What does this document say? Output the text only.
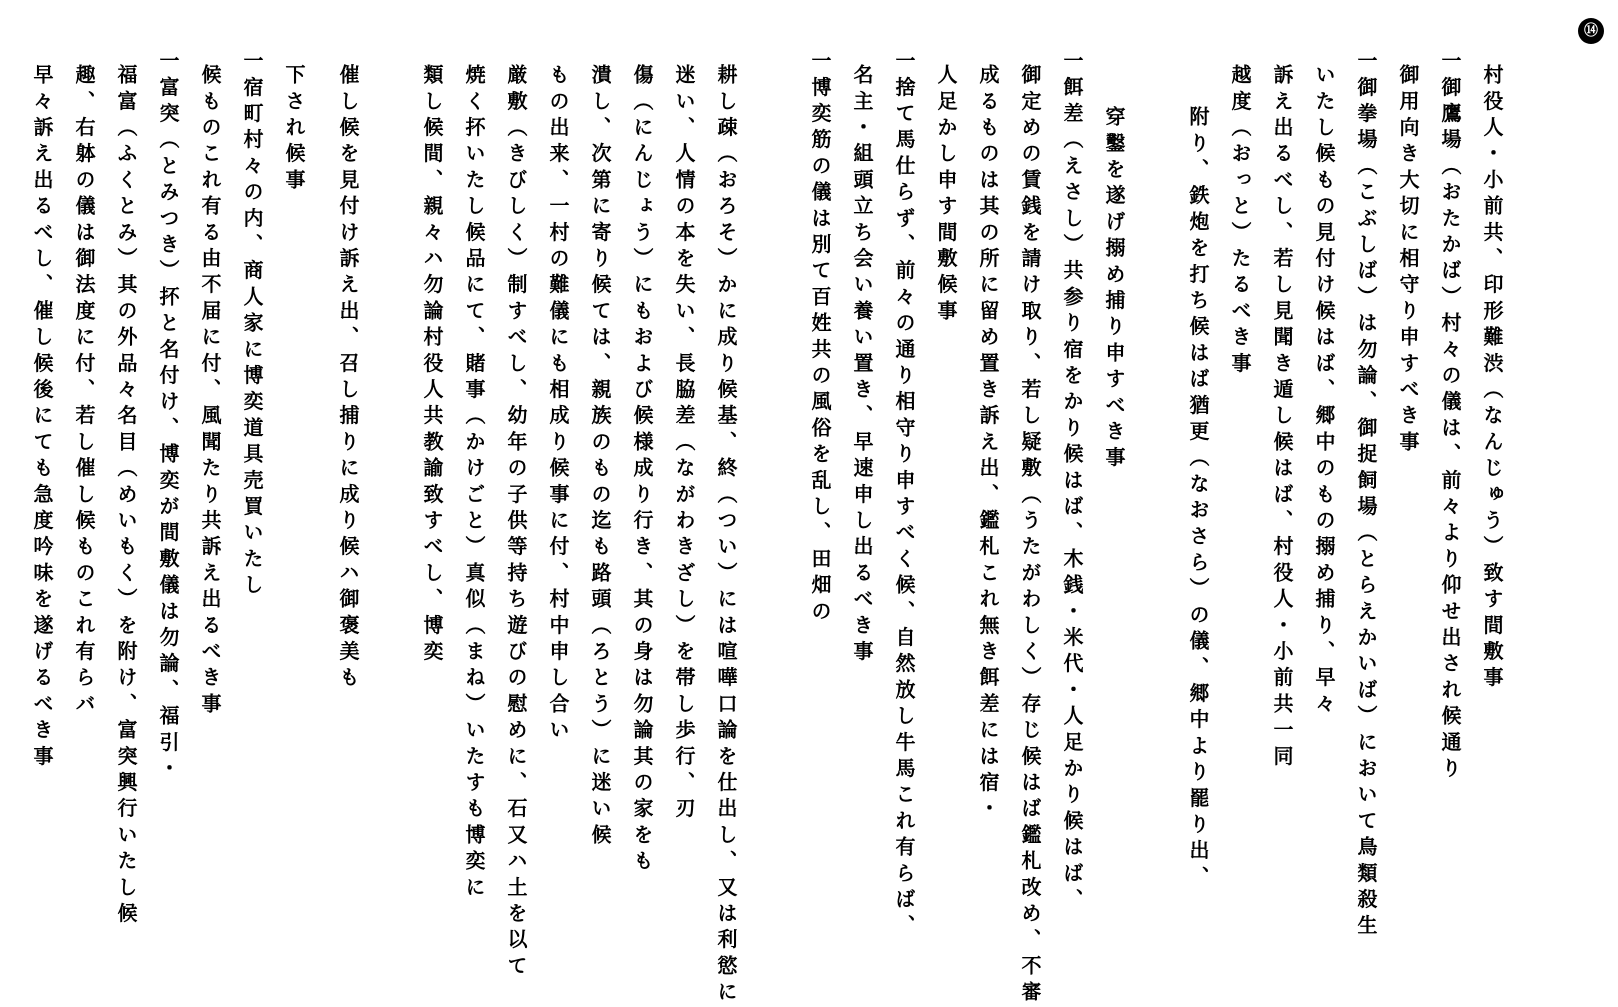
⑭
村役人・小前共、印形難渋（なんじゅう）致す間敷事
一御鷹場（おたかば）村々の儀は、前々より仰せ出され候通り
御用向き大切に相守り申すべき事
一御拳場（こぶしば）は勿論、御捉飼場（とらえかいば）において鳥類殺生
いたし候もの見付け候はば、郷中のもの搦め捕り、早々
訴え出るべし、若し見聞き遁し候はば、村役人・小前共一同
越度（おっと）たるべき事
附り、鉄炮を打ち候はば猶更（なおさら）の儀、郷中より罷り出、
穿鑿を遂げ搦め捕り申すべき事
一餌差（えさし）共参り宿をかり候はば、木銭・米代・人足かり候はば、
御定めの賃銭を請け取り、若し疑敷（うたがわしく）存じ候はば鑑札改め、不審
成るものは其の所に留め置き訴え出、鑑札これ無き餌差には宿・
人足かし申す間敷候事
一捨て馬仕らず、前々の通り相守り申すべく候、自然放し牛馬これ有らば、
名主・組頭立ち会い養い置き、早速申し出るべき事
一博奕筋の儀は別て百姓共の風俗を乱し、田畑の
耕し疎（おろそ）かに成り候基、終（つい）には喧嘩口論を仕出し、又は利慾に
迷い、人情の本を失い、長脇差（ながわきざし）を帯し歩行、刃
傷（にんじょう）にもおよび候様成り行き、其の身は勿論其の家をも
潰し、次第に寄り候ては、親族のもの迄も路頭（ろとう）に迷い候
もの出来、一村の難儀にも相成り候事に付、村中申し合い
厳敷（きびしく）制すべし、幼年の子供等持ち遊びの慰めに、石又ハ土を以て
焼く抔いたし候品にて、賭事（かけごと）真似（まね）いたすも博奕に
類し候間、親々ハ勿論村役人共教諭致すべし、博奕
催し候を見付け訴え出、召し捕りに成り候ハ御褒美も
下され候事
一宿町村々の内、商人家に博奕道具売買いたし
候ものこれ有る由不届に付、風聞たり共訴え出るべき事
一富突（とみつき）抔と名付け、博奕が間敷儀は勿論、福引・
福富（ふくとみ）其の外品々名目（めいもく）を附け、富突興行いたし候
趣、右躰の儀は御法度に付、若し催し候ものこれ有らバ
早々訴え出るべし、催し候後にても急度吟味を遂げるべき事
